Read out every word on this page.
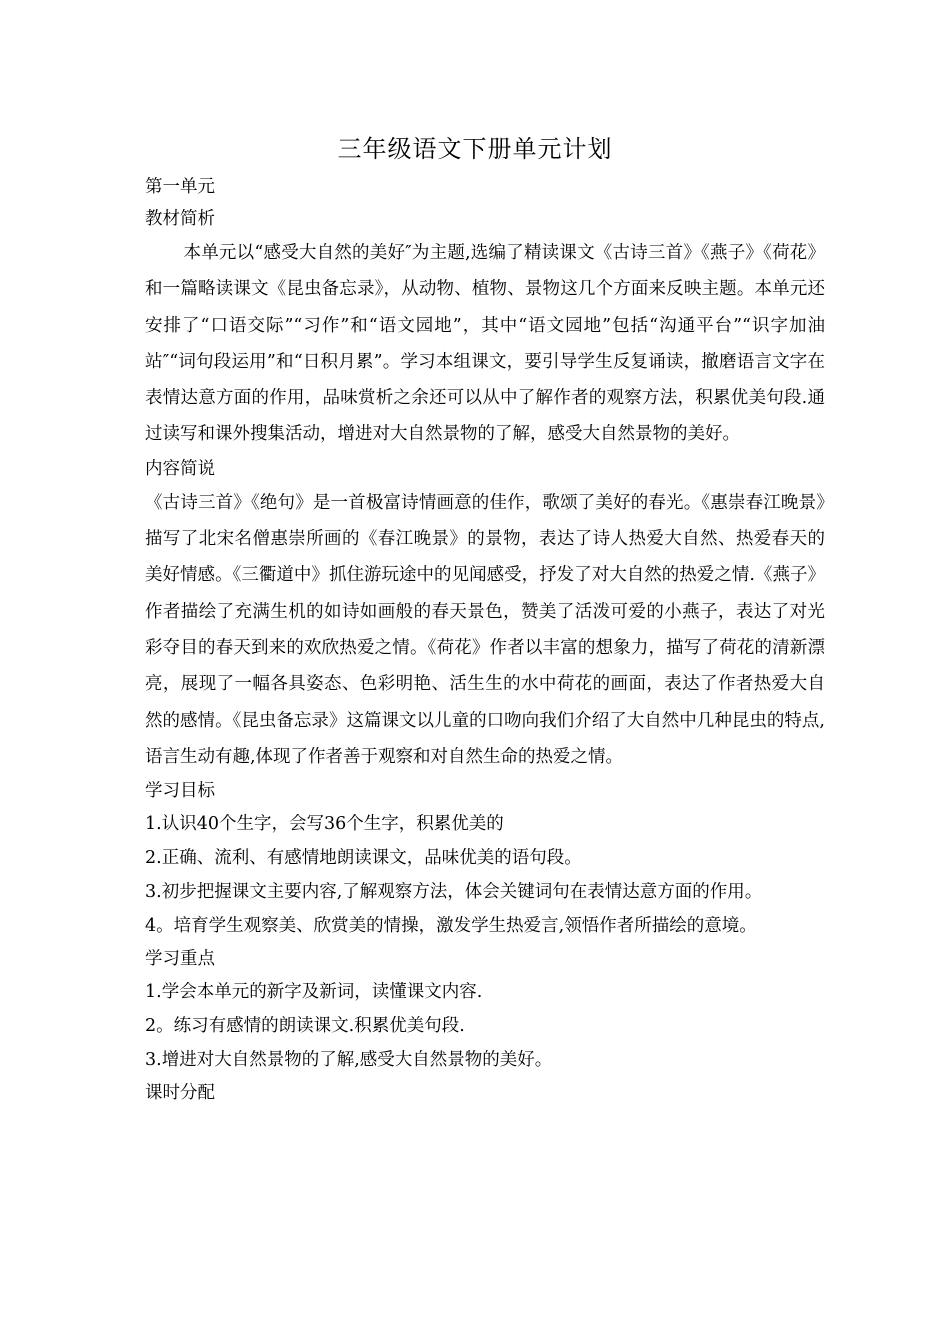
三年级语文下册单元计划
第一单元
教材简析

本单元以“感受大自然的美好″为主题,选编了精读课文《古诗三首》《燕子》《荷花》和一篇略读课文《昆虫备忘录》，从动物、植物、景物这几个方面来反映主题。本单元还安排了“口语交际”“习作”和“语文园地”，其中“语文园地”包括“沟通平台”“识字加油站″“词句段运用”和“日积月累”。学习本组课文，要引导学生反复诵读，撤磨语言文字在表情达意方面的作用，品味赏析之余还可以从中了解作者的观察方法，积累优美句段.通过读写和课外搜集活动，增进对大自然景物的了解，感受大自然景物的美好。

内容简说

《古诗三首》《绝句》是一首极富诗情画意的佳作，歌颂了美好的春光。《惠崇春江晚景》描写了北宋名僧惠崇所画的《春江晚景》的景物，表达了诗人热爱大自然、热爱春天的美好情感。《三衢道中》抓住游玩途中的见闻感受，抒发了对大自然的热爱之情.《燕子》作者描绘了充满生机的如诗如画般的春天景色，赞美了活泼可爱的小燕子，表达了对光彩夺目的春天到来的欢欣热爱之情。《荷花》作者以丰富的想象力，描写了荷花的清新漂亮，展现了一幅各具姿态、色彩明艳、活生生的水中荷花的画面，表达了作者热爱大自然的感情。《昆虫备忘录》这篇课文以儿童的口吻向我们介绍了大自然中几种昆虫的特点,语言生动有趣,体现了作者善于观察和对自然生命的热爱之情。

学习目标
1.认识40个生字，会写36个生字，积累优美的
2.正确、流利、有感情地朗读课文，品味优美的语句段。
3.初步把握课文主要内容,了解观察方法，体会关键词句在表情达意方面的作用。
4。培育学生观察美、欣赏美的情操，激发学生热爱言,领悟作者所描绘的意境。
学习重点
1.学会本单元的新字及新词，读懂课文内容.
2。练习有感情的朗读课文.积累优美句段.
3.增进对大自然景物的了解,感受大自然景物的美好。
课时分配
